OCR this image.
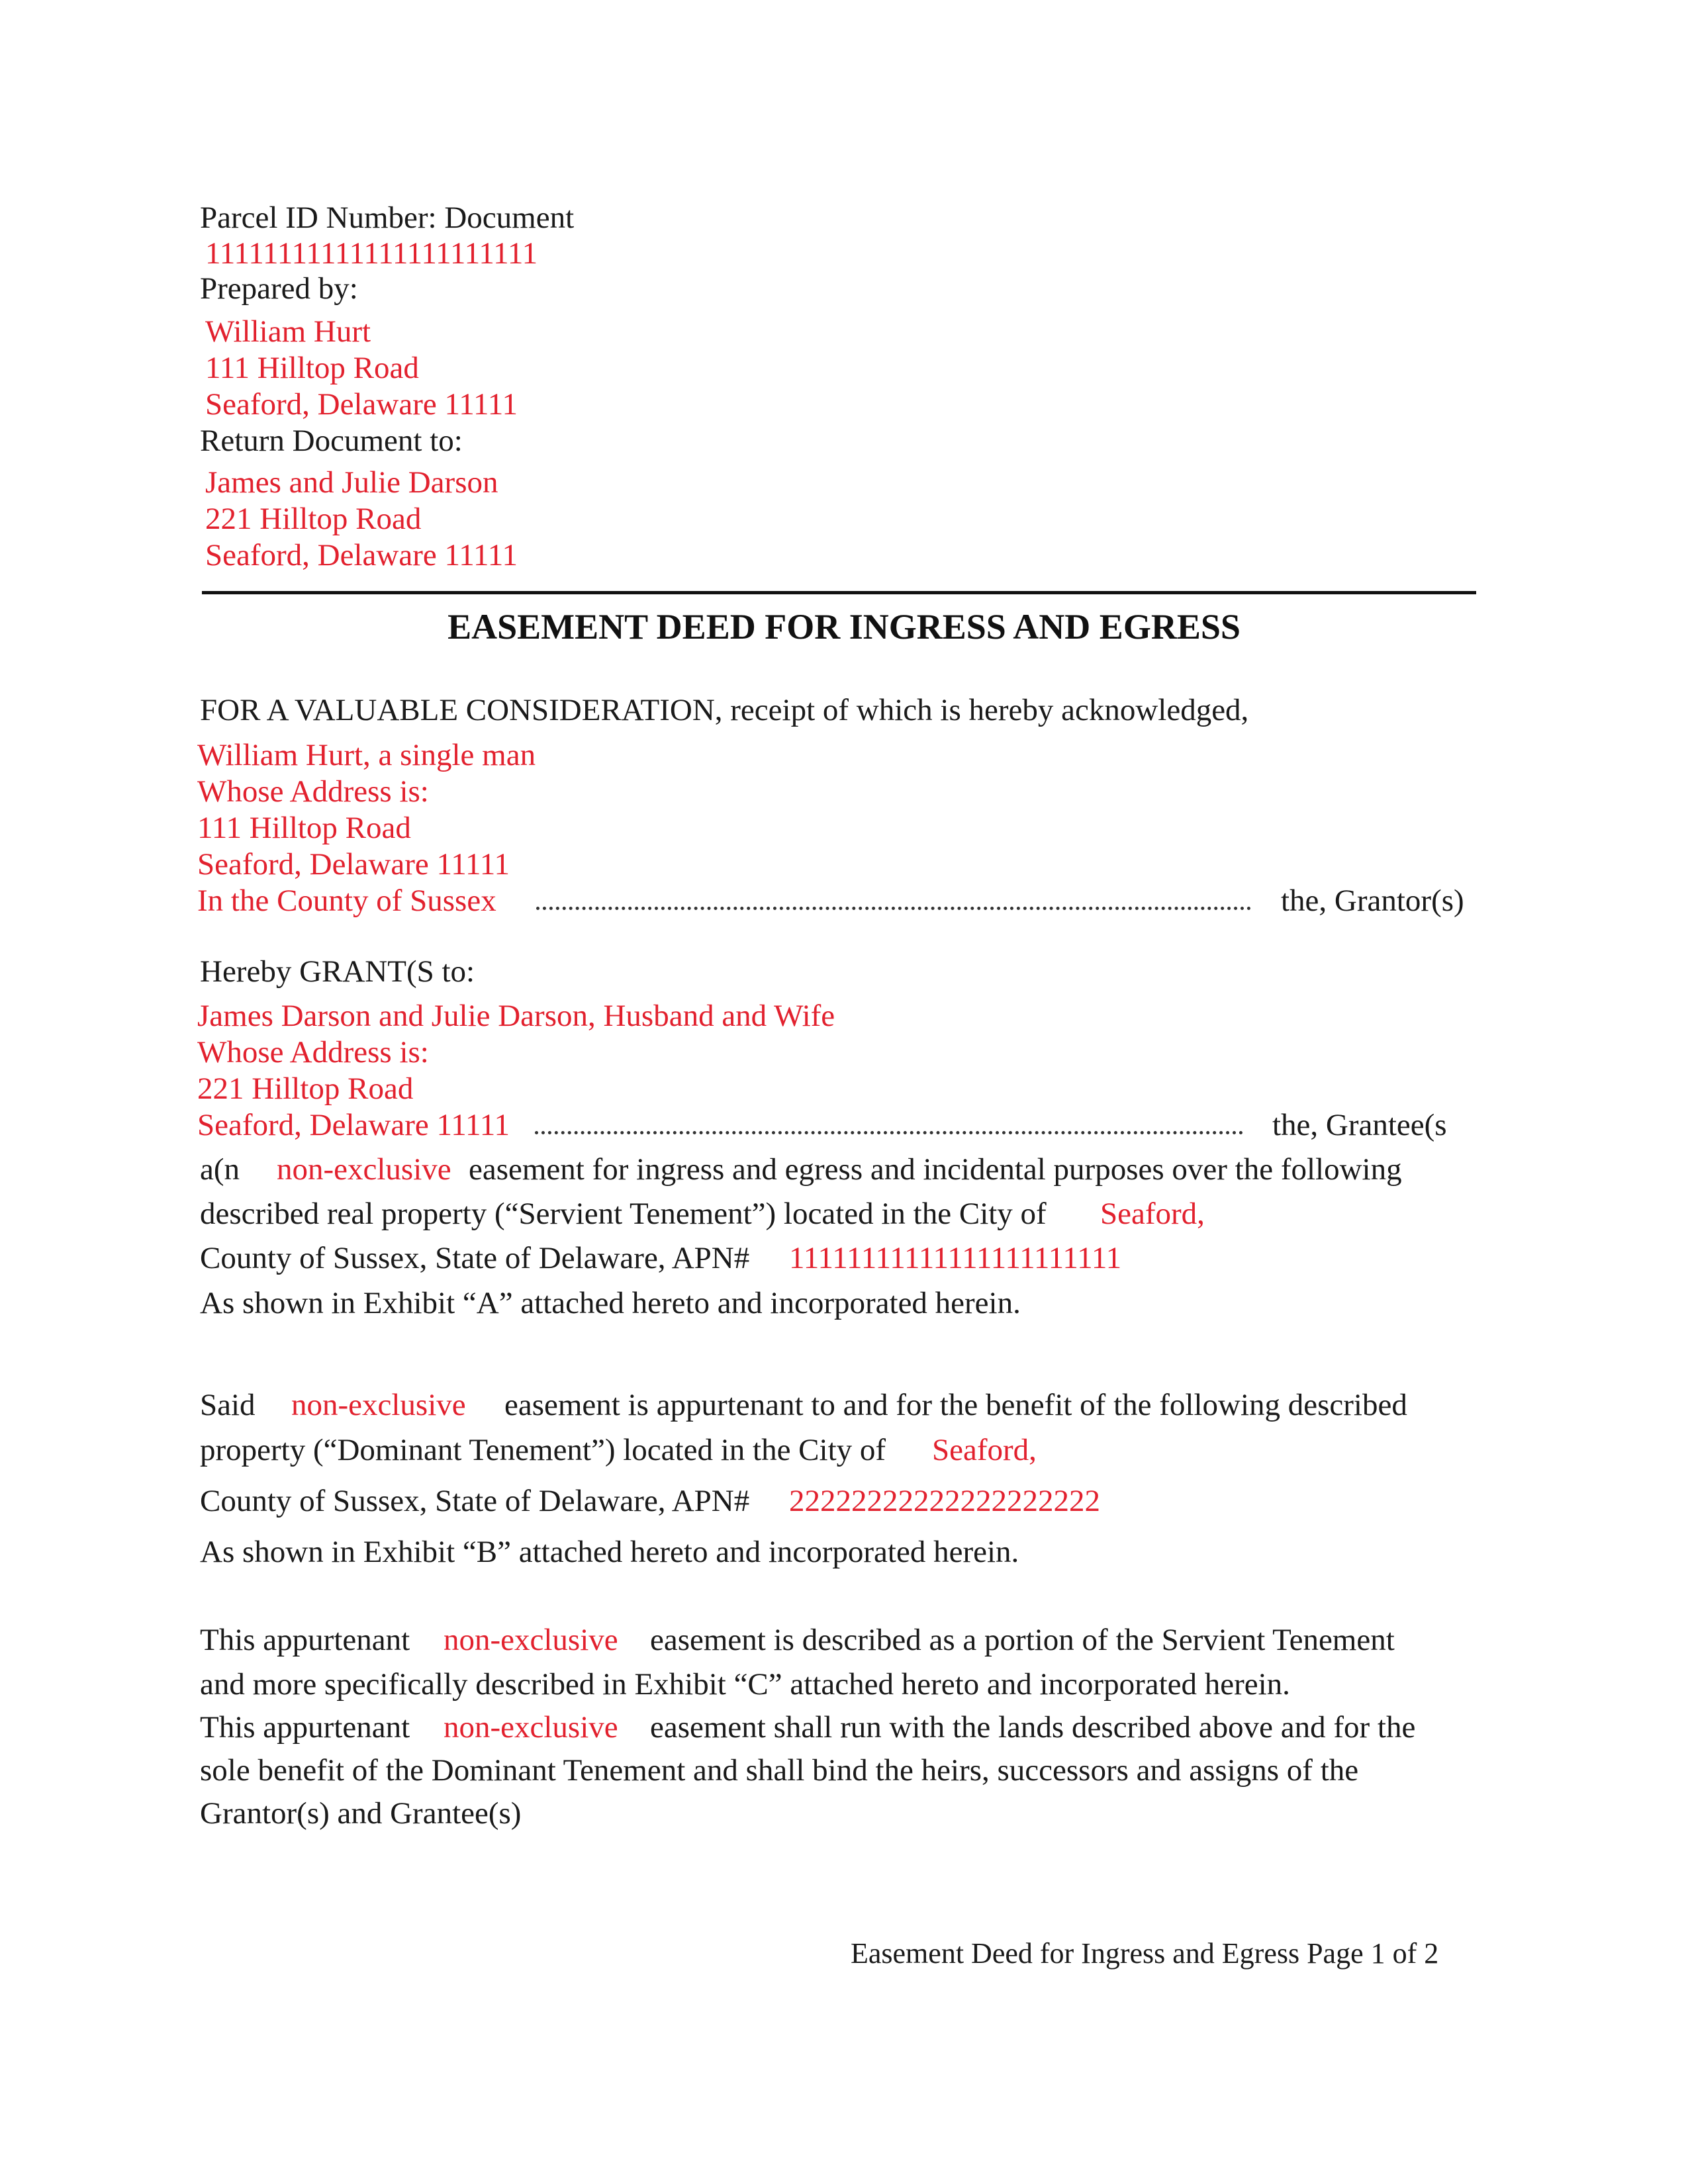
Parcel ID Number: Document
11111111111111111111111
Prepared by:
William Hurt
111 Hilltop Road
Seaford, Delaware 11111
Return Document to:
James and Julie Darson
221 Hilltop Road
Seaford, Delaware 11111
EASEMENT DEED FOR INGRESS AND EGRESS
FOR A VALUABLE CONSIDERATION, receipt of which is hereby acknowledged,
William Hurt, a single man
Whose Address is:
111 Hilltop Road
Seaford, Delaware 11111
In the County of Sussex	the, Grantor(s)
Hereby GRANT(S to:
James Darson and Julie Darson, Husband and Wife
Whose Address is:
221 Hilltop Road
Seaford, Delaware 11111	the, Grantee(s
a(n non-exclusive easement for ingress and egress and incidental purposes over the following
described real property (“Servient Tenement”) located in the City of Seaford,
County of Sussex, State of Delaware, APN# 11111111111111111111111
As shown in Exhibit “A” attached hereto and incorporated herein.
Said non-exclusive easement is appurtenant to and for the benefit of the following described
property (“Dominant Tenement”) located in the City of Seaford,
County of Sussex, State of Delaware, APN# 22222222222222222222
As shown in Exhibit “B” attached hereto and incorporated herein.
This appurtenant non-exclusive easement is described as a portion of the Servient Tenement
and more specifically described in Exhibit “C” attached hereto and incorporated herein.
This appurtenant non-exclusive easement shall run with the lands described above and for the
sole benefit of the Dominant Tenement and shall bind the heirs, successors and assigns of the
Grantor(s) and Grantee(s)
Easement Deed for Ingress and Egress Page 1 of 2
